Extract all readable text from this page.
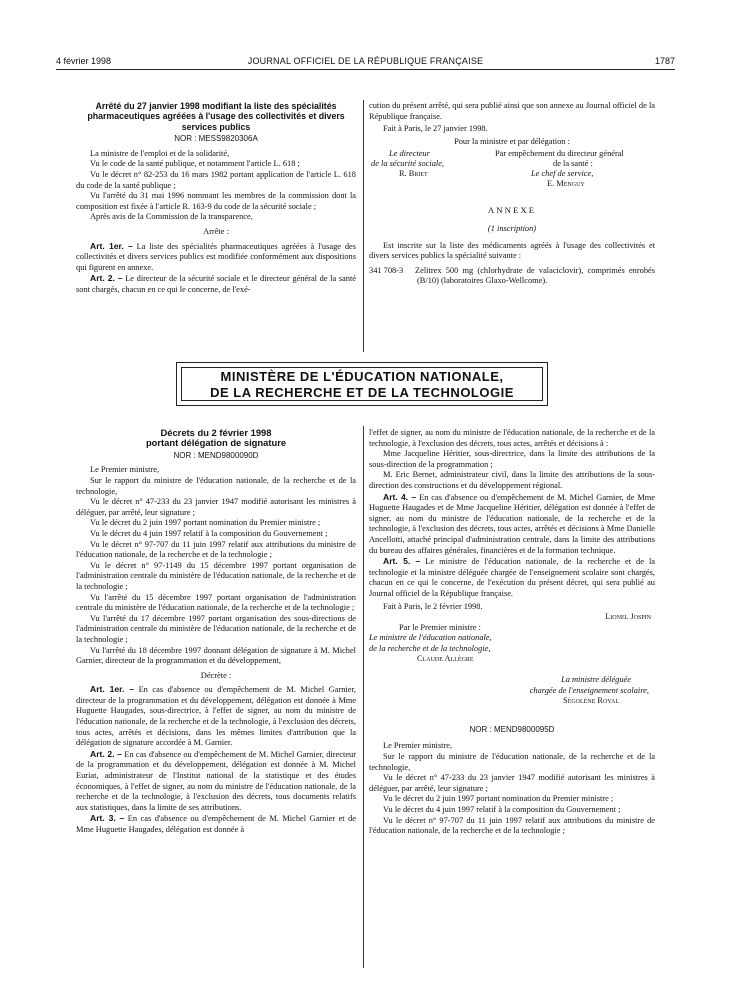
4 février 1998	JOURNAL OFFICIEL DE LA RÉPUBLIQUE FRANÇAISE	1787
Arrêté du 27 janvier 1998 modifiant la liste des spécialités pharmaceutiques agréées à l'usage des collectivités et divers services publics
NOR : MESS9820306A

La ministre de l'emploi et de la solidarité,

Vu le code de la santé publique, et notamment l'article L. 618 ;

Vu le décret n° 82-253 du 16 mars 1982 portant application de l'article L. 618 du code de la santé publique ;

Vu l'arrêté du 31 mai 1996 nommant les membres de la commission dont la composition est fixée à l'article R. 163-9 du code de la sécurité sociale ;

Après avis de la Commission de la transparence,

Arrête :

Art. 1er. – La liste des spécialités pharmaceutiques agréées à l'usage des collectivités et divers services publics est modifiée conformément aux dispositions qui figurent en annexe.

Art. 2. – Le directeur de la sécurité sociale et le directeur général de la santé sont chargés, chacun en ce qui le concerne, de l'exé-

cution du présent arrêté, qui sera publié ainsi que son annexe au Journal officiel de la République française.

Fait à Paris, le 27 janvier 1998.

Pour la ministre et par délégation :
Le directeur
de la sécurité sociale,
R. Briet
Par empêchement du directeur général
de la santé :
Le chef de service,
E. Menguy
ANNEXE
(1 inscription)

Est inscrite sur la liste des médicaments agréés à l'usage des collectivités et divers services publics la spécialité suivante :

341 708-3 Zelitrex 500 mg (chlorhydrate de valaciclovir), comprimés enrobés (B/10) (laboratoires Glaxo-Wellcome).
MINISTÈRE DE L'ÉDUCATION NATIONALE,
DE LA RECHERCHE ET DE LA TECHNOLOGIE
Décrets du 2 février 1998
portant délégation de signature
NOR : MEND9800090D

Le Premier ministre,

Sur le rapport du ministre de l'éducation nationale, de la recherche et de la technologie,

Vu le décret n° 47-233 du 23 janvier 1947 modifié autorisant les ministres à déléguer, par arrêté, leur signature ;

Vu le décret du 2 juin 1997 portant nomination du Premier ministre ;

Vu le décret du 4 juin 1997 relatif à la composition du Gouvernement ;

Vu le décret n° 97-707 du 11 juin 1997 relatif aux attributions du ministre de l'éducation nationale, de la recherche et de la technologie ;

Vu le décret n° 97-1149 du 15 décembre 1997 portant organisation de l'administration centrale du ministère de l'éducation nationale, de la recherche et de la technologie ;

Vu l'arrêté du 15 décembre 1997 portant organisation de l'administration centrale du ministère de l'éducation nationale, de la recherche et de la technologie ;

Vu l'arrêté du 17 décembre 1997 portant organisation des sous-directions de l'administration centrale du ministère de l'éducation nationale, de la recherche et de la technologie ;

Vu l'arrêté du 18 décembre 1997 donnant délégation de signature à M. Michel Garnier, directeur de la programmation et du développement,

Décrète :

Art. 1er. – En cas d'absence ou d'empêchement de M. Michel Garnier, directeur de la programmation et du développement, délégation est donnée à Mme Huguette Haugades, sous-directrice, à l'effet de signer, au nom du ministre de l'éducation nationale, de la recherche et de la technologie, à l'exclusion des décrets, tous actes, arrêtés et décisions, dans les mêmes limites d'attribution que la délégation de signature accordée à M. Garnier.

Art. 2. – En cas d'absence ou d'empêchement de M. Michel Garnier, directeur de la programmation et du développement, délégation est donnée à M. Michel Euriat, administrateur de l'Institut national de la statistique et des études économiques, à l'effet de signer, au nom du ministre de l'éducation nationale, de la recherche et de la technologie, à l'exclusion des décrets, tous documents relatifs aux statistiques, dans la limite de ses attributions.

Art. 3. – En cas d'absence ou d'empêchement de M. Michel Garnier et de Mme Huguette Haugades, délégation est donnée à

l'effet de signer, au nom du ministre de l'éducation nationale, de la recherche et de la technologie, à l'exclusion des décrets, tous actes, arrêtés et décisions à :

Mme Jacqueline Héritier, sous-directrice, dans la limite des attributions de la sous-direction de la programmation ;

M. Eric Bernet, administrateur civil, dans la limite des attributions de la sous-direction des constructions et du développement régional.

Art. 4. – En cas d'absence ou d'empêchement de M. Michel Garnier, de Mme Huguette Haugades et de Mme Jacqueline Héritier, délégation est donnée à l'effet de signer, au nom du ministre de l'éducation nationale, de la recherche et de la technologie, à l'exclusion des décrets, tous actes, arrêtés et décisions à Mme Danielle Ancellotti, attaché principal d'administration centrale, dans la limite des attributions du bureau des affaires générales, financières et de la formation technique.

Art. 5. – Le ministre de l'éducation nationale, de la recherche et de la technologie et la ministre déléguée chargée de l'enseignement scolaire sont chargés, chacun en ce qui le concerne, de l'exécution du présent décret, qui sera publié au Journal officiel de la République française.

Fait à Paris, le 2 février 1998.

Lionel Jospin
Par le Premier ministre :
Le ministre de l'éducation nationale,
de la recherche et de la technologie,
Claude Allègre
La ministre déléguée
chargée de l'enseignement scolaire,
Ségolène Royal
NOR : MEND9800095D

Le Premier ministre,

Sur le rapport du ministre de l'éducation nationale, de la recherche et de la technologie,

Vu le décret n° 47-233 du 23 janvier 1947 modifié autorisant les ministres à déléguer, par arrêté, leur signature ;

Vu le décret du 2 juin 1997 portant nomination du Premier ministre ;

Vu le décret du 4 juin 1997 relatif à la composition du Gouvernement ;

Vu le décret n° 97-707 du 11 juin 1997 relatif aux attributions du ministre de l'éducation nationale, de la recherche et de la technologie ;
